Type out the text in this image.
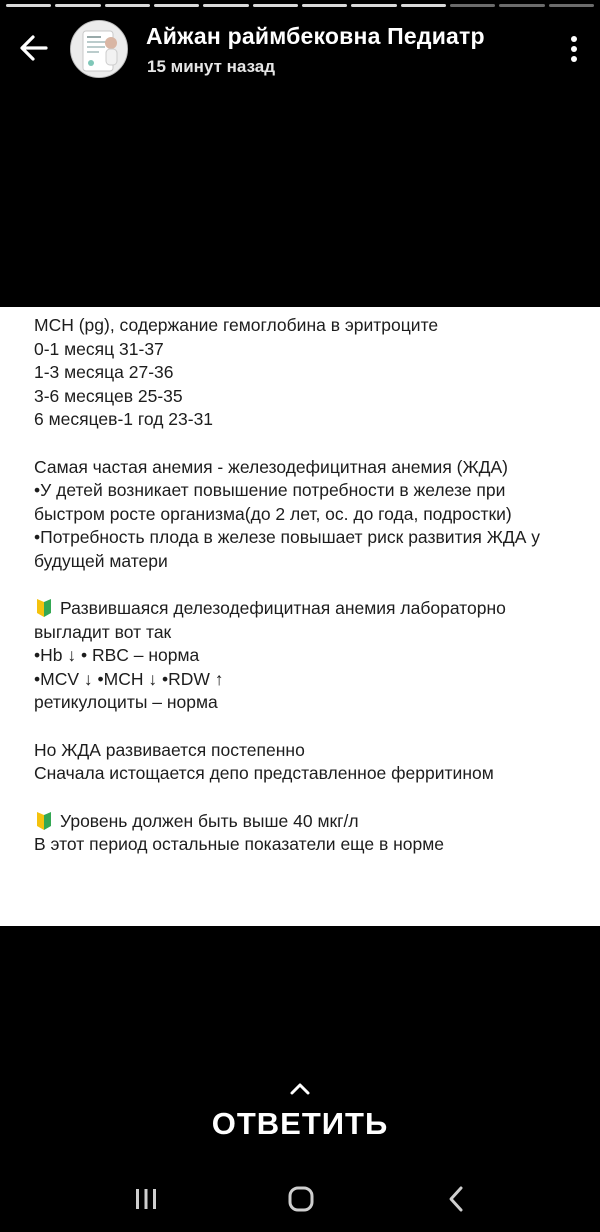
Айжан раймбековна Педиатр
15 минут назад

MCH (pg), содержание гемоглобина в эритроците

0-1 месяц 31-37

1-3 месяца 27-36

3-6 месяцев 25-35

6 месяцев-1 год 23-31

Самая частая анемия - железодефицитная анемия (ЖДА)

•У детей возникает повышение потребности в железе при быстром росте организма(до 2 лет, ос. до года, подростки)

•Потребность плода в железе повышает риск развития ЖДА у будущей матери

Развившаяся делезодефицитная анемия лабораторно выгладит вот так

•Hb ↓ • RBC – норма

•MCV ↓ •MCH ↓ •RDW ↑

ретикулоциты – норма

Но ЖДА развивается постепенно

Сначала истощается депо представленное ферритином

Уровень должен быть выше 40 мкг/л

В этот период остальные показатели еще в норме

ОТВЕТИТЬ
